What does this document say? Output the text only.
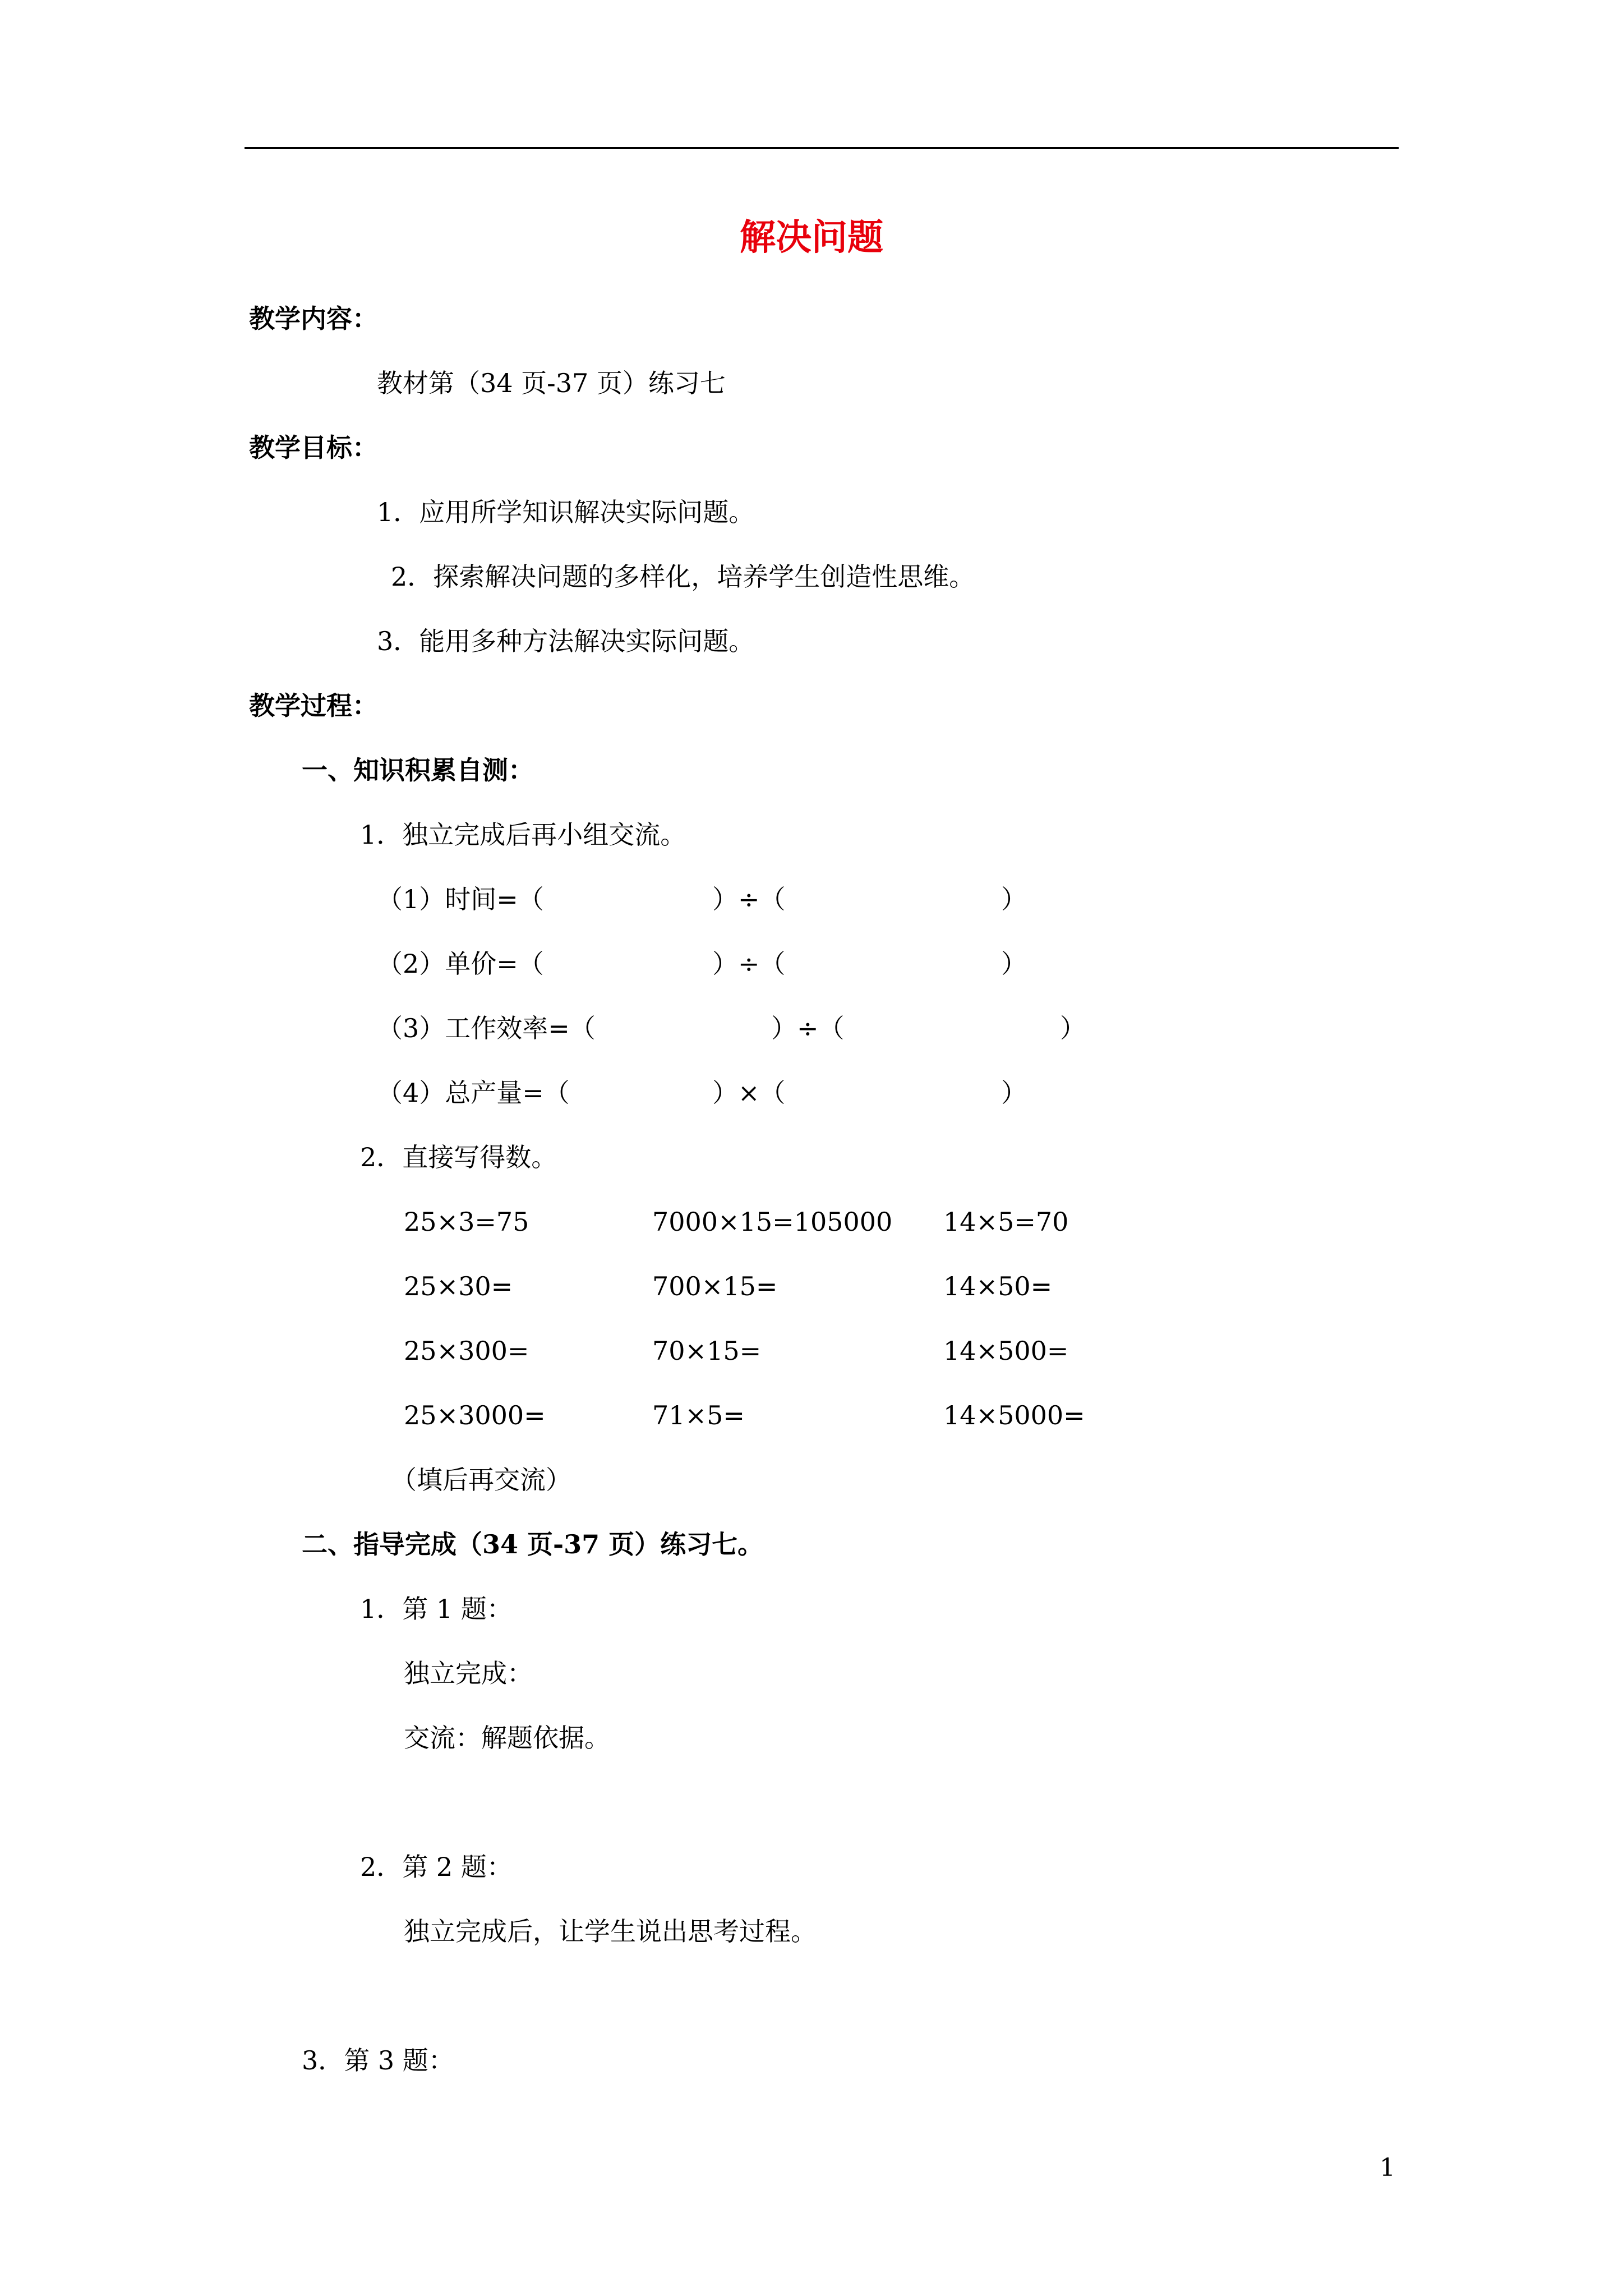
解决问题
教学内容：
教材第（34 页-37 页）练习七
教学目标：
1．应用所学知识解决实际问题。
2．探索解决问题的多样化，培养学生创造性思维。
3．能用多种方法解决实际问题。
教学过程：
一、知识积累自测：
1．独立完成后再小组交流。
（1）时间=（	）÷（	）
（2）单价=（	）÷（	）
（3）工作效率=（	）÷（	）
（4）总产量=（	）×（	）
2．直接写得数。
25×3=75	7000×15=105000 14×5=70
25×30=	700×15=	14×50=
25×300=	70×15=	14×500=
25×3000=	71×5=	14×5000=
（填后再交流）
二、指导完成（34 页-37 页）练习七。
1．第 1 题：
独立完成：
交流：解题依据。
2．第 2 题：
独立完成后，让学生说出思考过程。
3．第 3 题：
1
